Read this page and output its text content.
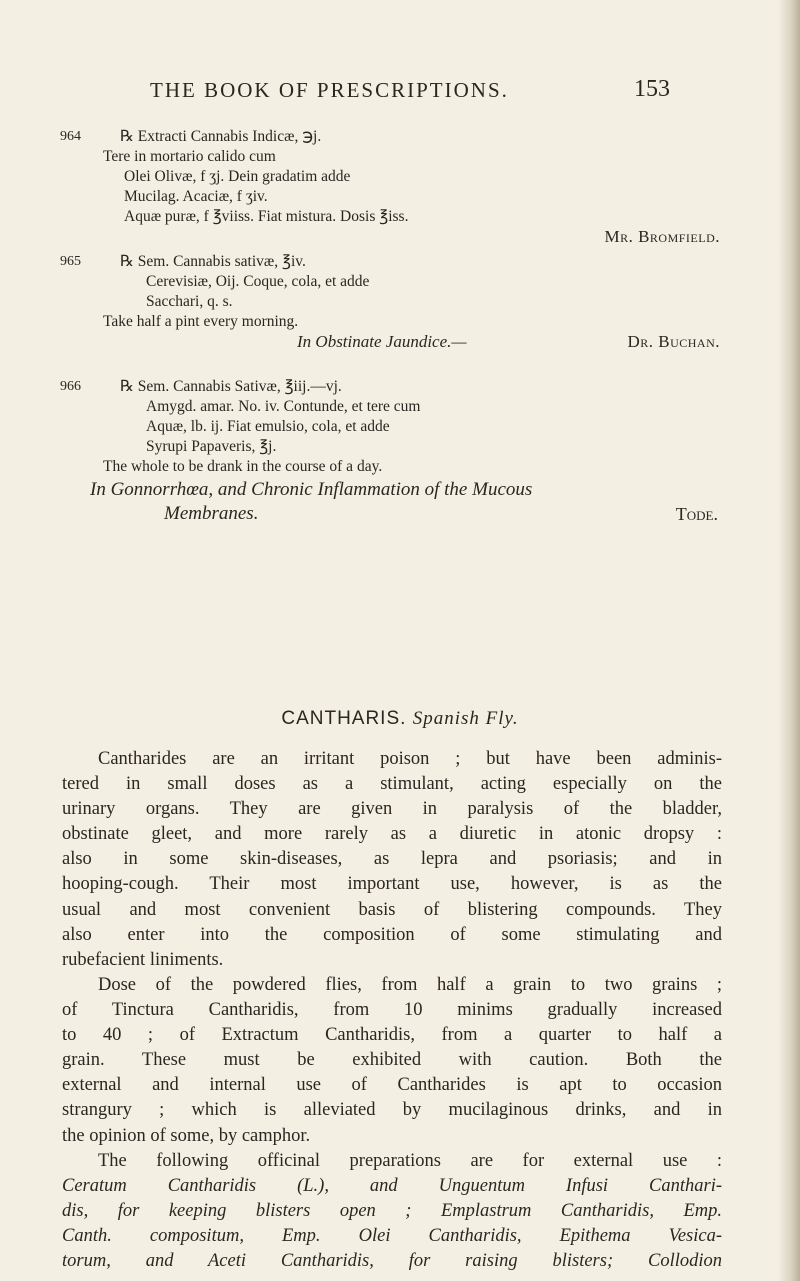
THE BOOK OF PRESCRIPTIONS.	153
964	℞ Extracti Cannabis Indicæ, ℈j.
Tere in mortario calido cum
Olei Olivæ, f ʒj. Dein gradatim adde
Mucilag. Acaciæ, f ʒiv.
Aquæ puræ, f ℥viiss. Fiat mistura. Dosis ℥iss.
Mr. Bromfield.
965	℞ Sem. Cannabis sativæ, ℥iv.
Cerevisiæ, Oij. Coque, cola, et adde
Sacchari, q. s.
Take half a pint every morning.
In Obstinate Jaundice.—	Dr. Buchan.
966	℞ Sem. Cannabis Sativæ, ℥iij.—vj.
Amygd. amar. No. iv. Contunde, et tere cum
Aquæ, lb. ij. Fiat emulsio, cola, et adde
Syrupi Papaveris, ℥j.
The whole to be drank in the course of a day.
In Gonnorrhœa, and Chronic Inflammation of the Mucous
Membranes.	Tode.
CANTHARIS. Spanish Fly.
Cantharides are an irritant poison ; but have been adminis-
tered in small doses as a stimulant, acting especially on the
urinary organs. They are given in paralysis of the bladder,
obstinate gleet, and more rarely as a diuretic in atonic dropsy :
also in some skin-diseases, as lepra and psoriasis; and in
hooping-cough. Their most important use, however, is as the
usual and most convenient basis of blistering compounds. They
also enter into the composition of some stimulating and
rubefacient liniments.
Dose of the powdered flies, from half a grain to two grains ;
of Tinctura Cantharidis, from 10 minims gradually increased
to 40 ; of Extractum Cantharidis, from a quarter to half a
grain. These must be exhibited with caution. Both the
external and internal use of Cantharides is apt to occasion
strangury ; which is alleviated by mucilaginous drinks, and in
the opinion of some, by camphor.
The following officinal preparations are for external use :
Ceratum Cantharidis (L.), and Unguentum Infusi Canthari-
dis, for keeping blisters open ; Emplastrum Cantharidis, Emp.
Canth. compositum, Emp. Olei Cantharidis, Epithema Vesica-
torum, and Aceti Cantharidis, for raising blisters; Collodion
